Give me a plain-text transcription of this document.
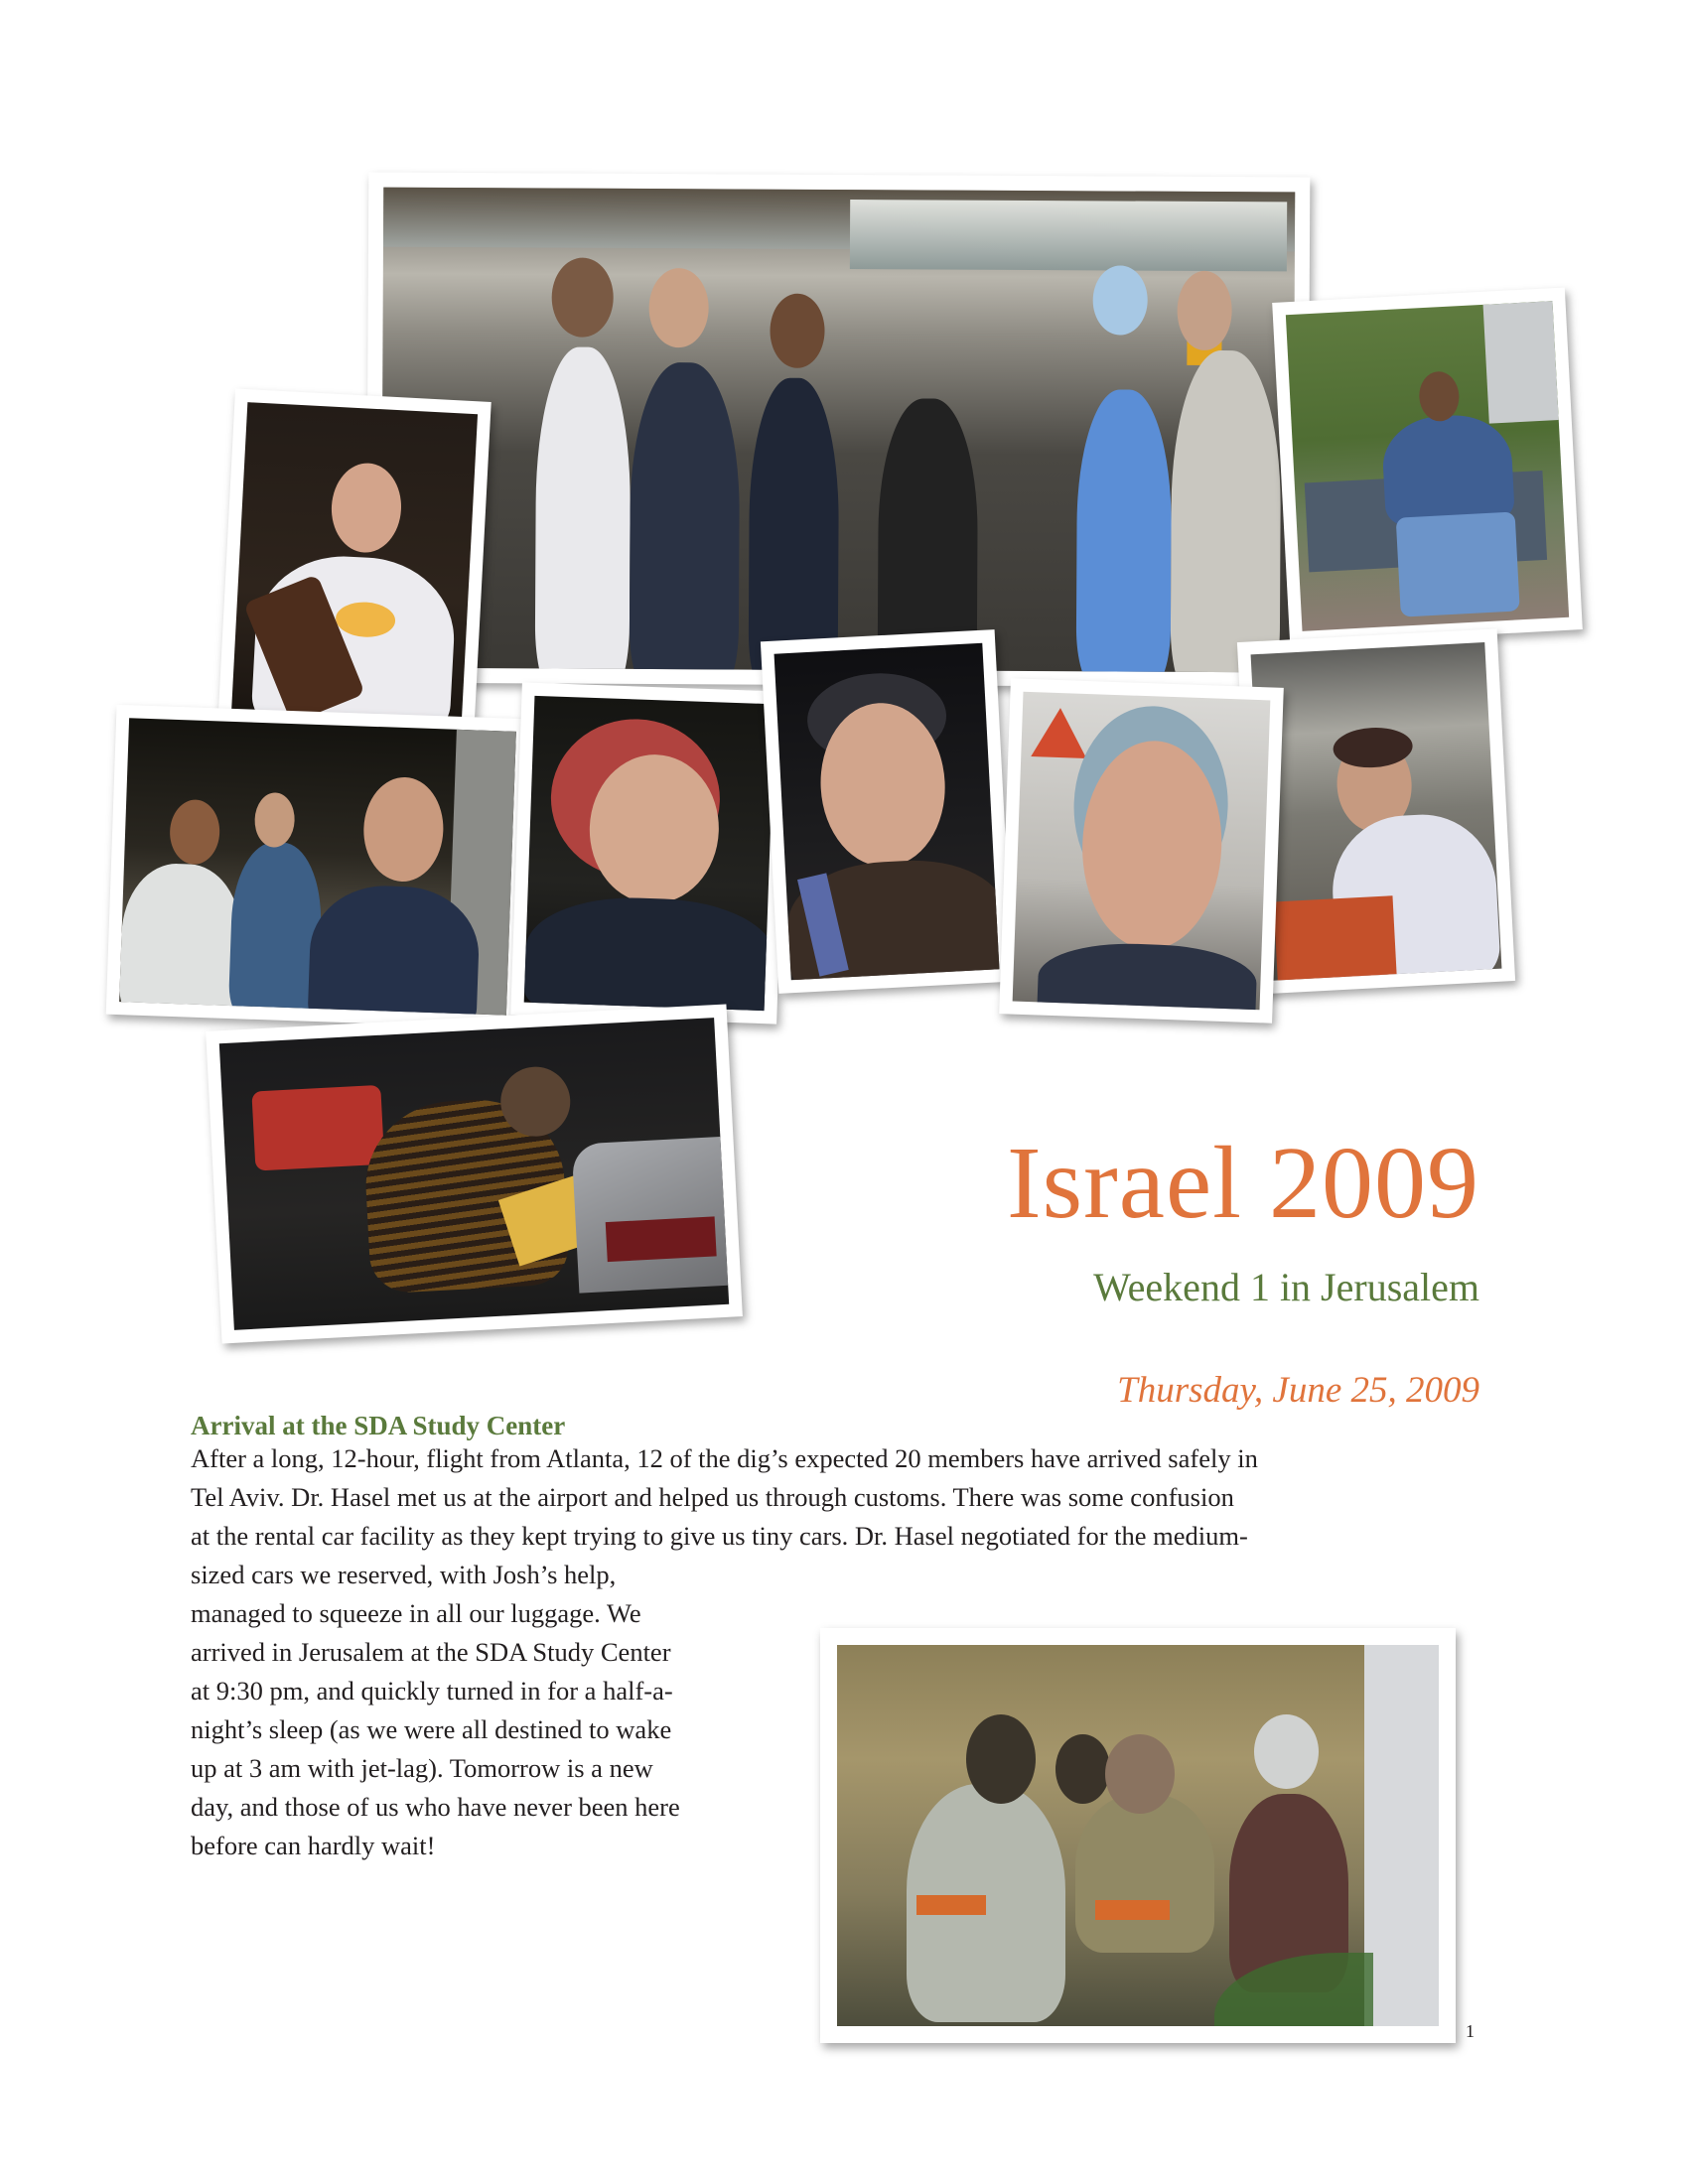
Israel 2009
Weekend 1 in Jerusalem
Thursday, June 25, 2009
Arrival at the SDA Study Center

After a long, 12-hour, flight from Atlanta, 12 of the dig’s expected 20 members have arrived safely in
Tel Aviv. Dr. Hasel met us at the airport and helped us through customs. There was some confusion
at the rental car facility as they kept trying to give us tiny cars. Dr. Hasel negotiated for the medium-

sized cars we reserved, with Josh’s help,
managed to squeeze in all our luggage. We
arrived in Jerusalem at the SDA Study Center
at 9:30 pm, and quickly turned in for a half-a-
night’s sleep (as we were all destined to wake
up at 3 am with jet-lag). Tomorrow is a new
day, and those of us who have never been here
before can hardly wait!

1
